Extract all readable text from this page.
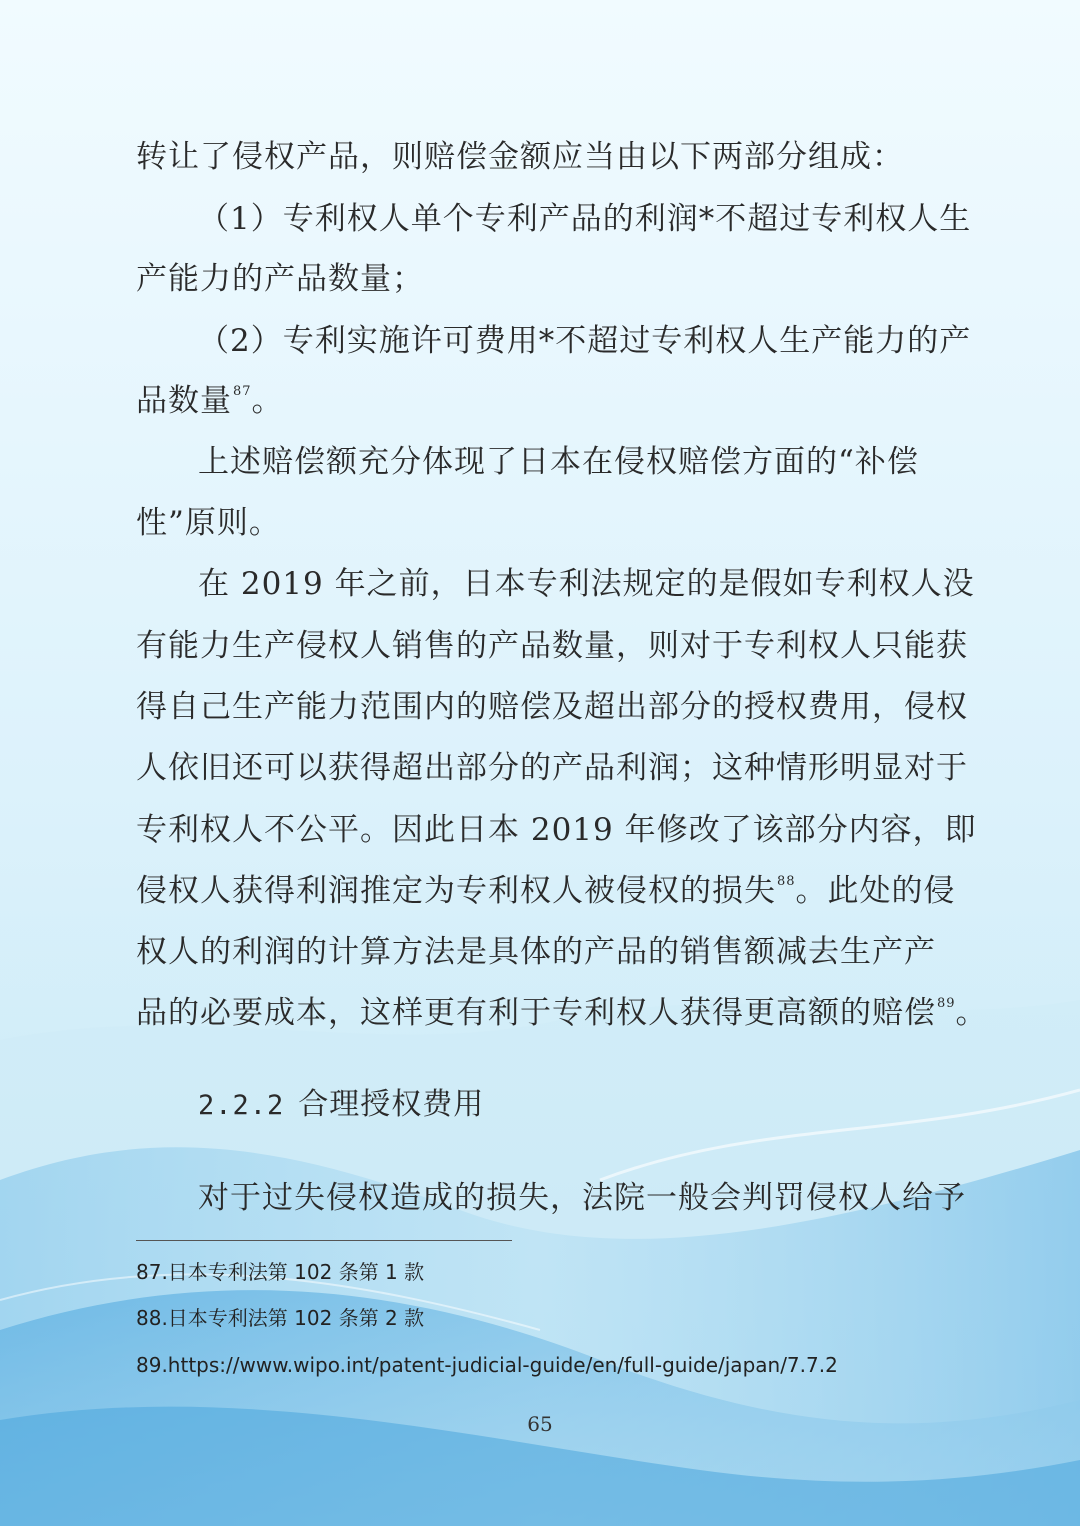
转让了侵权产品，则赔偿金额应当由以下两部分组成：
（1）专利权人单个专利产品的利润*不超过专利权人生
产能力的产品数量；
（2）专利实施许可费用*不超过专利权人生产能力的产
品数量$^{87}$。
上述赔偿额充分体现了日本在侵权赔偿方面的“补偿
性”原则。
在 2019 年之前，日本专利法规定的是假如专利权人没
有能力生产侵权人销售的产品数量，则对于专利权人只能获
得自己生产能力范围内的赔偿及超出部分的授权费用，侵权
人依旧还可以获得超出部分的产品利润；这种情形明显对于
专利权人不公平。因此日本 2019 年修改了该部分内容，即
侵权人获得利润推定为专利权人被侵权的损失$^{88}$。此处的侵
权人的利润的计算方法是具体的产品的销售额减去生产产
品的必要成本，这样更有利于专利权人获得更高额的赔偿$^{89}$。
2.2.2 合理授权费用
对于过失侵权造成的损失，法院一般会判罚侵权人给予
87.日本专利法第 102 条第 1 款
88.日本专利法第 102 条第 2 款
89.https://www.wipo.int/patent-judicial-guide/en/full-guide/japan/7.7.2
65
